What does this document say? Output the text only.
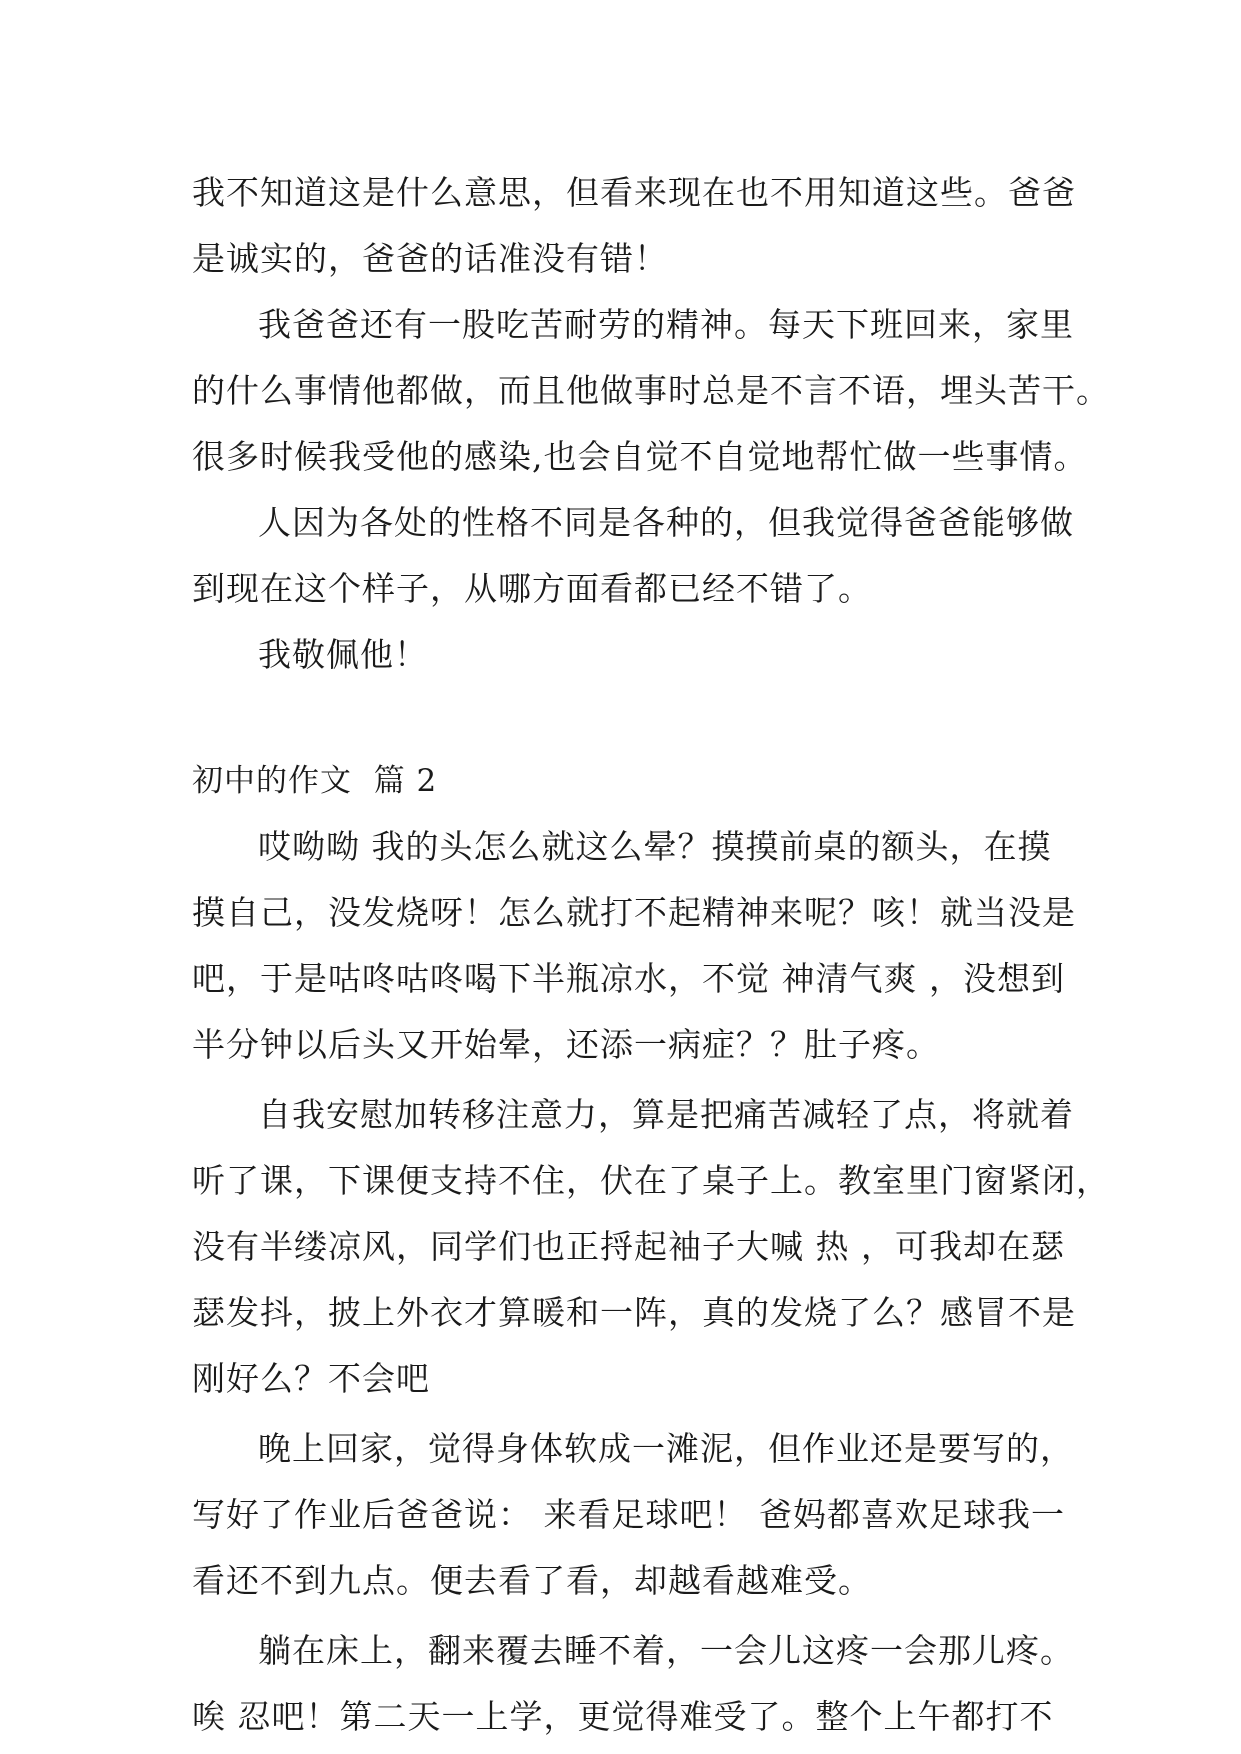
我不知道这是什么意思，但看来现在也不用知道这些。爸爸
是诚实的，爸爸的话准没有错！
我爸爸还有一股吃苦耐劳的精神。每天下班回来，家里
的什么事情他都做，而且他做事时总是不言不语，埋头苦干。
很多时候我受他的感染,也会自觉不自觉地帮忙做一些事情。
人因为各处的性格不同是各种的，但我觉得爸爸能够做
到现在这个样子，从哪方面看都已经不错了。
我敬佩他！
初中的作文  篇 2
哎呦呦 我的头怎么就这么晕？摸摸前桌的额头，在摸
摸自己，没发烧呀！怎么就打不起精神来呢？咳！就当没是
吧，于是咕咚咕咚喝下半瓶凉水，不觉 神清气爽 ，没想到
半分钟以后头又开始晕，还添一病症？？肚子疼。
自我安慰加转移注意力，算是把痛苦减轻了点，将就着
听了课，下课便支持不住，伏在了桌子上。教室里门窗紧闭，
没有半缕凉风，同学们也正捋起袖子大喊 热 ，可我却在瑟
瑟发抖，披上外衣才算暖和一阵，真的发烧了么？感冒不是
刚好么？不会吧
晚上回家，觉得身体软成一滩泥，但作业还是要写的，
写好了作业后爸爸说： 来看足球吧！ 爸妈都喜欢足球我一
看还不到九点。便去看了看，却越看越难受。
躺在床上，翻来覆去睡不着，一会儿这疼一会那儿疼。
唉 忍吧！第二天一上学，更觉得难受了。整个上午都打不
